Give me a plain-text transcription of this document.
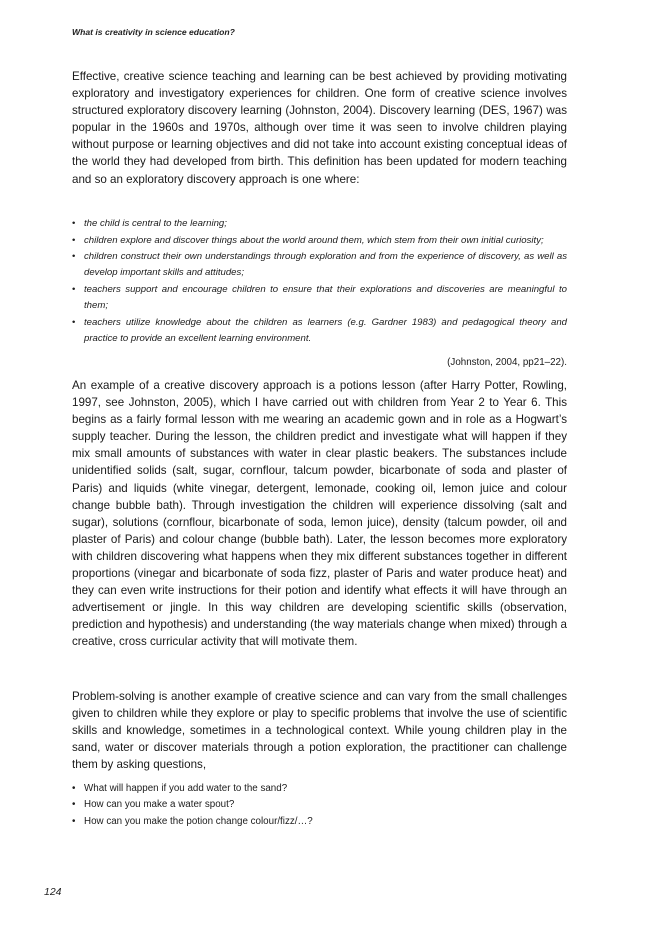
What is creativity in science education?

Effective, creative science teaching and learning can be best achieved by providing motivating exploratory and investigatory experiences for children. One form of creative science involves structured exploratory discovery learning (Johnston, 2004). Discovery learning (DES, 1967) was popular in the 1960s and 1970s, although over time it was seen to involve children playing without purpose or learning objectives and did not take into account existing conceptual ideas of the world they had developed from birth. This definition has been updated for modern teaching and so an exploratory discovery approach is one where:

• the child is central to the learning;
• children explore and discover things about the world around them, which stem from their own initial curiosity;
• children construct their own understandings through exploration and from the experience of discovery, as well as develop important skills and attitudes;
• teachers support and encourage children to ensure that their explorations and discoveries are meaningful to them;
• teachers utilize knowledge about the children as learners (e.g. Gardner 1983) and pedagogical theory and practice to provide an excellent learning environment.
(Johnston, 2004, pp21–22).

An example of a creative discovery approach is a potions lesson (after Harry Potter, Rowling, 1997, see Johnston, 2005), which I have carried out with children from Year 2 to Year 6. This begins as a fairly formal lesson with me wearing an academic gown and in role as a Hogwart’s supply teacher. During the lesson, the children predict and investigate what will happen if they mix small amounts of substances with water in clear plastic beakers. The substances include unidentified solids (salt, sugar, cornflour, talcum powder, bicarbonate of soda and plaster of Paris) and liquids (white vinegar, detergent, lemonade, cooking oil, lemon juice and colour change bubble bath). Through investigation the children will experience dissolving (salt and sugar), solutions (cornflour, bicarbonate of soda, lemon juice), density (talcum powder, oil and plaster of Paris) and colour change (bubble bath). Later, the lesson becomes more exploratory with children discovering what happens when they mix different substances together in different proportions (vinegar and bicarbonate of soda fizz, plaster of Paris and water produce heat) and they can even write instructions for their potion and identify what effects it will have through an advertisement or jingle. In this way children are developing scientific skills (observation, prediction and hypothesis) and understanding (the way materials change when mixed) through a creative, cross curricular activity that will motivate them.

Problem-solving is another example of creative science and can vary from the small challenges given to children while they explore or play to specific problems that involve the use of scientific skills and knowledge, sometimes in a technological context. While young children play in the sand, water or discover materials through a potion exploration, the practitioner can challenge them by asking questions,

• What will happen if you add water to the sand?
• How can you make a water spout?
• How can you make the potion change colour/fizz/…?
124
